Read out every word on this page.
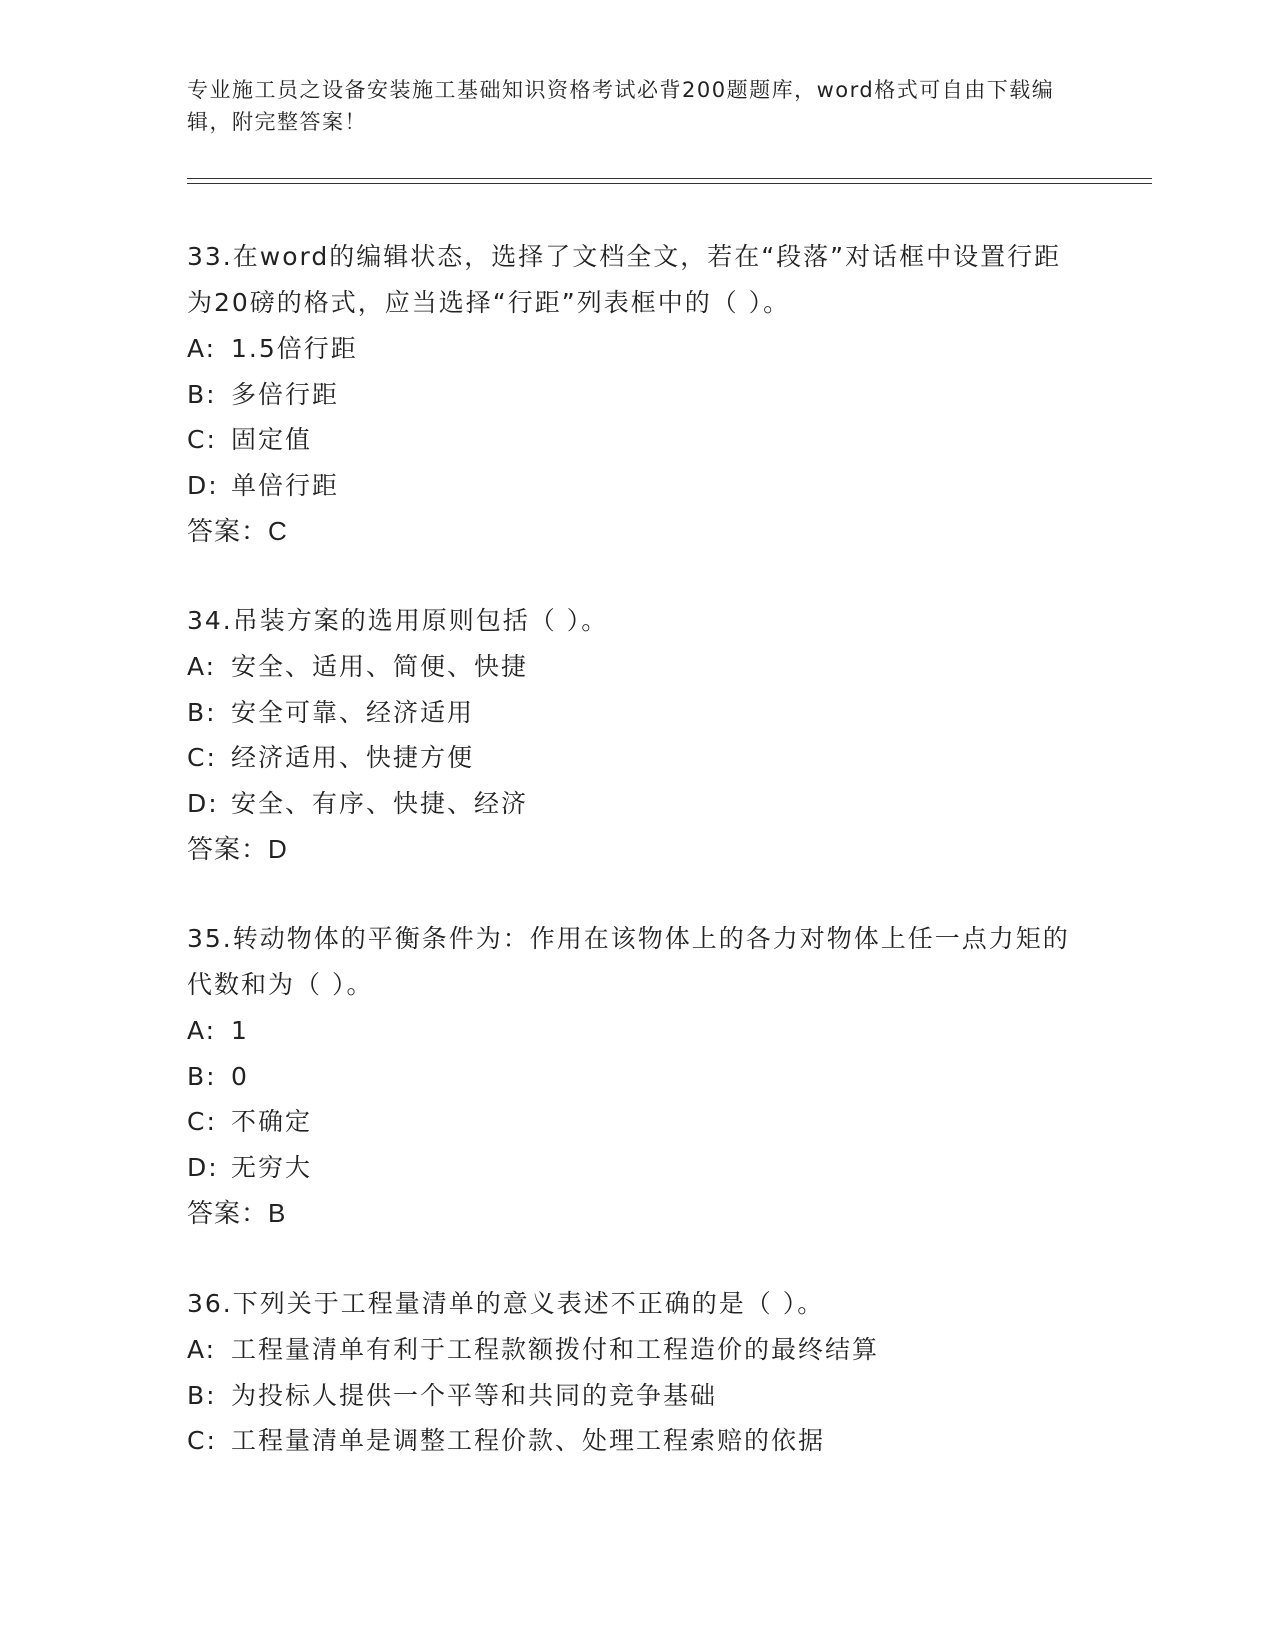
专业施工员之设备安装施工基础知识资格考试必背200题题库，word格式可自由下载编辑，附完整答案！

33.在word的编辑状态，选择了文档全文，若在“段落”对话框中设置行距为20磅的格式，应当选择“行距”列表框中的（ ）。

A: 1.5倍行距
B: 多倍行距
C: 固定值
D: 单倍行距
答案：C

34.吊装方案的选用原则包括（ ）。

A: 安全、适用、简便、快捷
B: 安全可靠、经济适用
C: 经济适用、快捷方便
D: 安全、有序、快捷、经济
答案：D

35.转动物体的平衡条件为：作用在该物体上的各力对物体上任一点力矩的代数和为（ ）。

A: 1
B: 0
C: 不确定
D: 无穷大
答案：B

36.下列关于工程量清单的意义表述不正确的是（ ）。

A: 工程量清单有利于工程款额拨付和工程造价的最终结算
B: 为投标人提供一个平等和共同的竞争基础
C: 工程量清单是调整工程价款、处理工程索赔的依据
